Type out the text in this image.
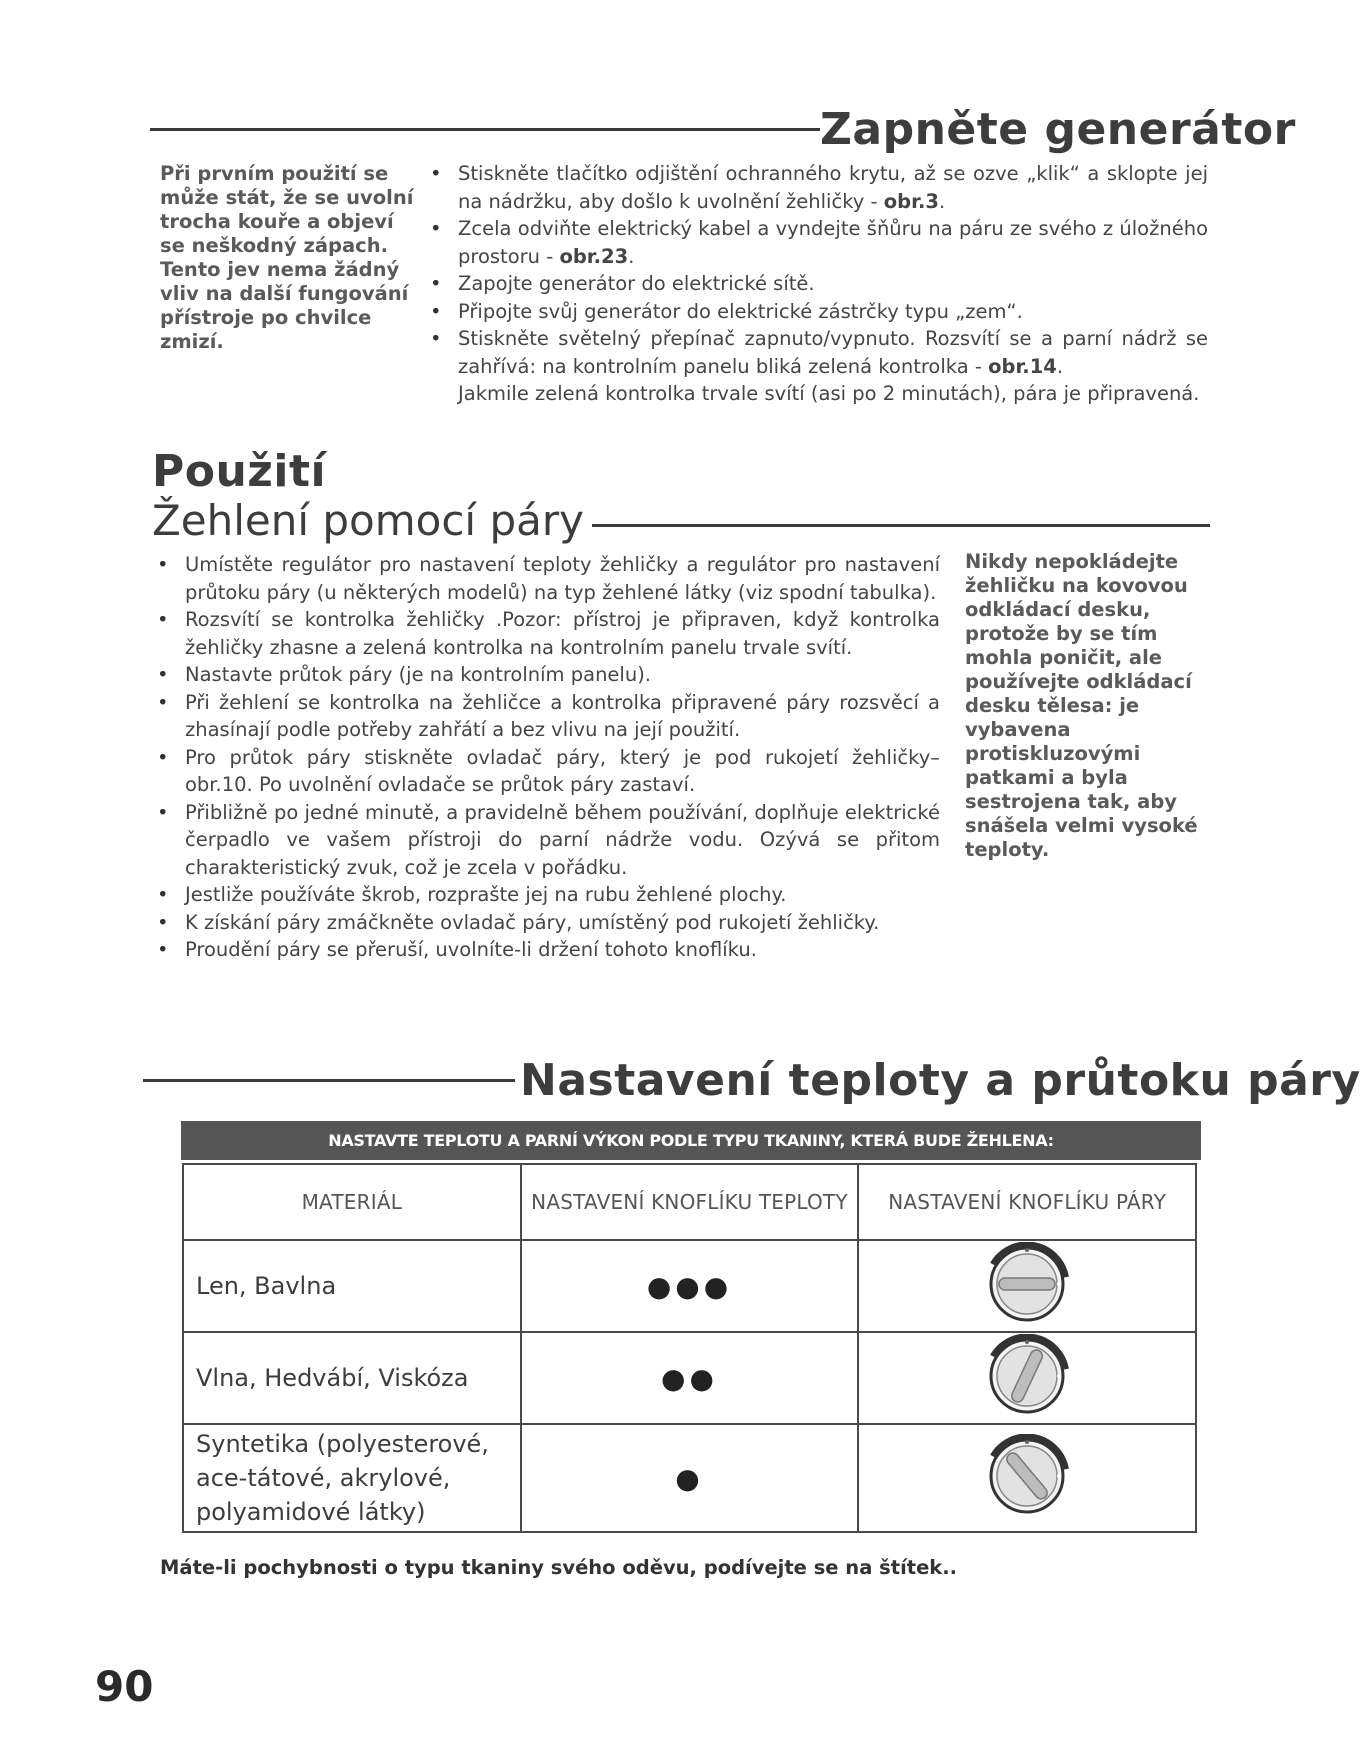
Zapněte generátor
Při prvním použití se může stát, že se uvolní trocha kouře a objeví se neškodný zápach. Tento jev nema žádný vliv na další fungování přístroje po chvilce zmizí.
• Stiskněte tlačítko odjištění ochranného krytu, až se ozve „klik“ a sklopte jej na nádržku, aby došlo k uvolnění žehličky - obr.3.
• Zcela odviňte elektrický kabel a vyndejte šňůru na páru ze svého z úložného prostoru - obr.23.
• Zapojte generátor do elektrické sítě.
• Připojte svůj generátor do elektrické zástrčky typu „zem“.
• Stiskněte světelný přepínač zapnuto/vypnuto. Rozsvítí se a parní nádrž se zahřívá: na kontrolním panelu bliká zelená kontrolka - obr.14.
Jakmile zelená kontrolka trvale svítí (asi po 2 minutách), pára je připravená.
Použití
Žehlení pomocí páry
• Umístěte regulátor pro nastavení teploty žehličky a regulátor pro nastavení průtoku páry (u některých modelů) na typ žehlené látky (viz spodní tabulka).
• Rozsvítí se kontrolka žehličky .Pozor: přístroj je připraven, když kontrolka žehličky zhasne a zelená kontrolka na kontrolním panelu trvale svítí.
• Nastavte průtok páry (je na kontrolním panelu).
• Při žehlení se kontrolka na žehličce a kontrolka připravené páry rozsvěcí a zhasínají podle potřeby zahřátí a bez vlivu na její použití.
• Pro průtok páry stiskněte ovladač páry, který je pod rukojetí žehličky– obr.10. Po uvolnění ovladače se průtok páry zastaví.
• Přibližně po jedné minutě, a pravidelně během používání, doplňuje elektrické čerpadlo ve vašem přístroji do parní nádrže vodu. Ozývá se přitom charakteristický zvuk, což je zcela v pořádku.
• Jestliže používáte škrob, rozprašte jej na rubu žehlené plochy.
• K získání páry zmáčkněte ovladač páry, umístěný pod rukojetí žehličky.
• Proudění páry se přeruší, uvolníte-li držení tohoto knoflíku.
Nikdy nepokládejte žehličku na kovovou odkládací desku, protože by se tím mohla poničit, ale používejte odkládací desku tělesa: je vybavena protiskluzovými patkami a byla sestrojena tak, aby snášela velmi vysoké teploty.
Nastavení teploty a průtoku páry
NASTAVTE TEPLOTU A PARNÍ VÝKON PODLE TYPU TKANINY, KTERÁ BUDE ŽEHLENA:
MATERIÁL	NASTAVENÍ KNOFLÍKU TEPLOTY	NASTAVENÍ KNOFLÍKU PÁRY
Len, Bavlna	●●●	
Vlna, Hedvábí, Viskóza	●●	
Syntetika (polyesterové, ace-tátové, akrylové, polyamidové látky)	●	
Máte-li pochybnosti o typu tkaniny svého oděvu, podívejte se na štítek..
90
